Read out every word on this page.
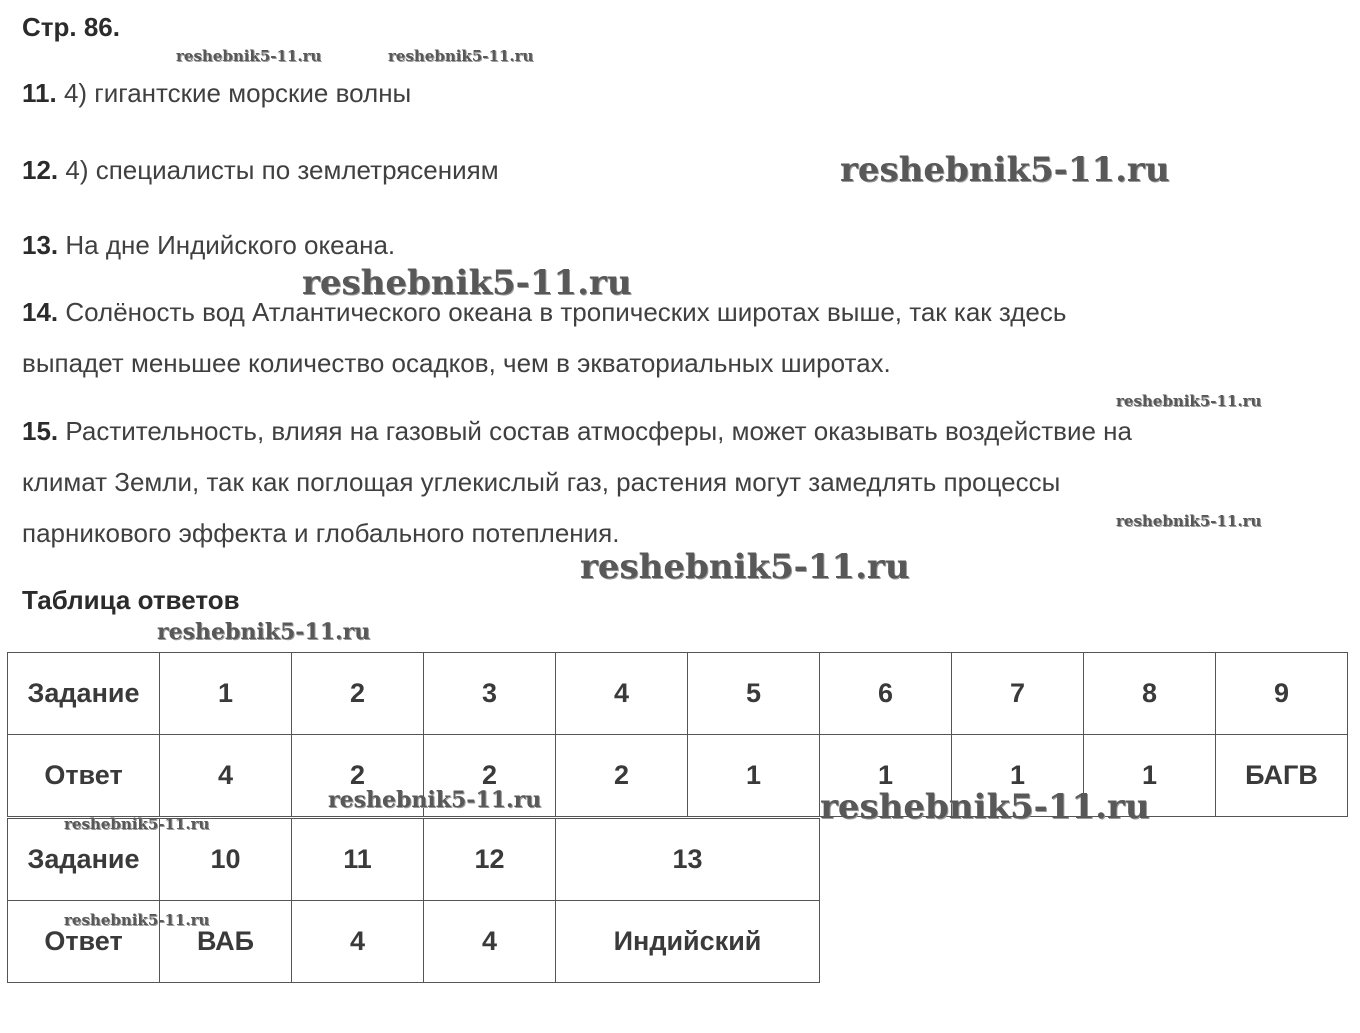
Стр. 86.
11. 4) гигантские морские волны
12. 4) специалисты по землетрясениям
13. На дне Индийского океана.
14. Солёность вод Атлантического океана в тропических широтах выше, так как здесь
выпадет меньшее количество осадков, чем в экваториальных широтах.
15. Растительность, влияя на газовый состав атмосферы, может оказывать воздействие на
климат Земли, так как поглощая углекислый газ, растения могут замедлять процессы
парникового эффекта и глобального потепления.
Таблица ответов
Задание	1	2	3	4	5	6	7	8	9
Ответ	4	2	2	2	1	1	1	1	БАГВ
Задание	10	11	12	13
Ответ	ВАБ	4	4	Индийский
reshebnik5-11.ru	reshebnik5-11.ru
reshebnik5-11.ru
reshebnik5-11.ru
reshebnik5-11.ru
reshebnik5-11.ru
reshebnik5-11.ru
reshebnik5-11.ru
reshebnik5-11.ru	reshebnik5-11.ru
reshebnik5-11.ru
reshebnik5-11.ru
